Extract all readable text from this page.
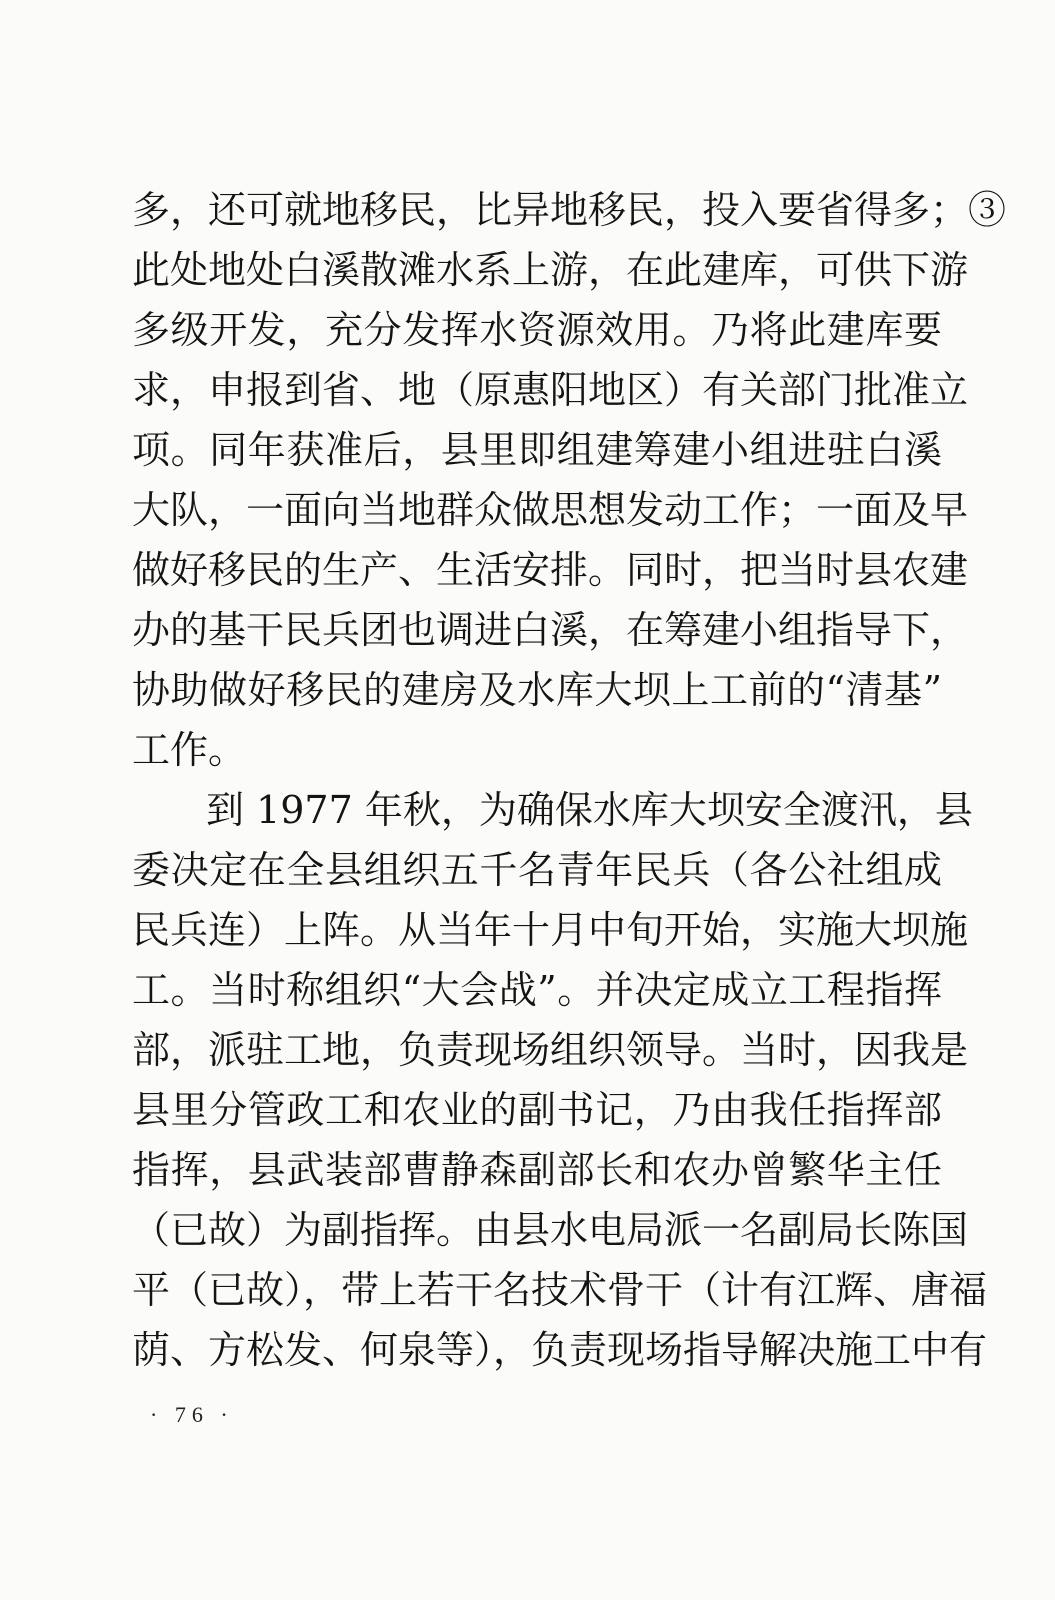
多，还可就地移民，比异地移民，投入要省得多；③
此处地处白溪散滩水系上游，在此建库，可供下游
多级开发，充分发挥水资源效用。乃将此建库要
求，申报到省、地（原惠阳地区）有关部门批准立
项。同年获准后，县里即组建筹建小组进驻白溪
大队，一面向当地群众做思想发动工作；一面及早
做好移民的生产、生活安排。同时，把当时县农建
办的基干民兵团也调进白溪，在筹建小组指导下，
协助做好移民的建房及水库大坝上工前的“清基”
工作。
到 1977 年秋，为确保水库大坝安全渡汛，县
委决定在全县组织五千名青年民兵（各公社组成
民兵连）上阵。从当年十月中旬开始，实施大坝施
工。当时称组织“大会战”。并决定成立工程指挥
部，派驻工地，负责现场组织领导。当时，因我是
县里分管政工和农业的副书记，乃由我任指挥部
指挥，县武装部曹静森副部长和农办曾繁华主任
（已故）为副指挥。由县水电局派一名副局长陈国
平（已故），带上若干名技术骨干（计有江辉、唐福
荫、方松发、何泉等），负责现场指导解决施工中有
· 76 ·
